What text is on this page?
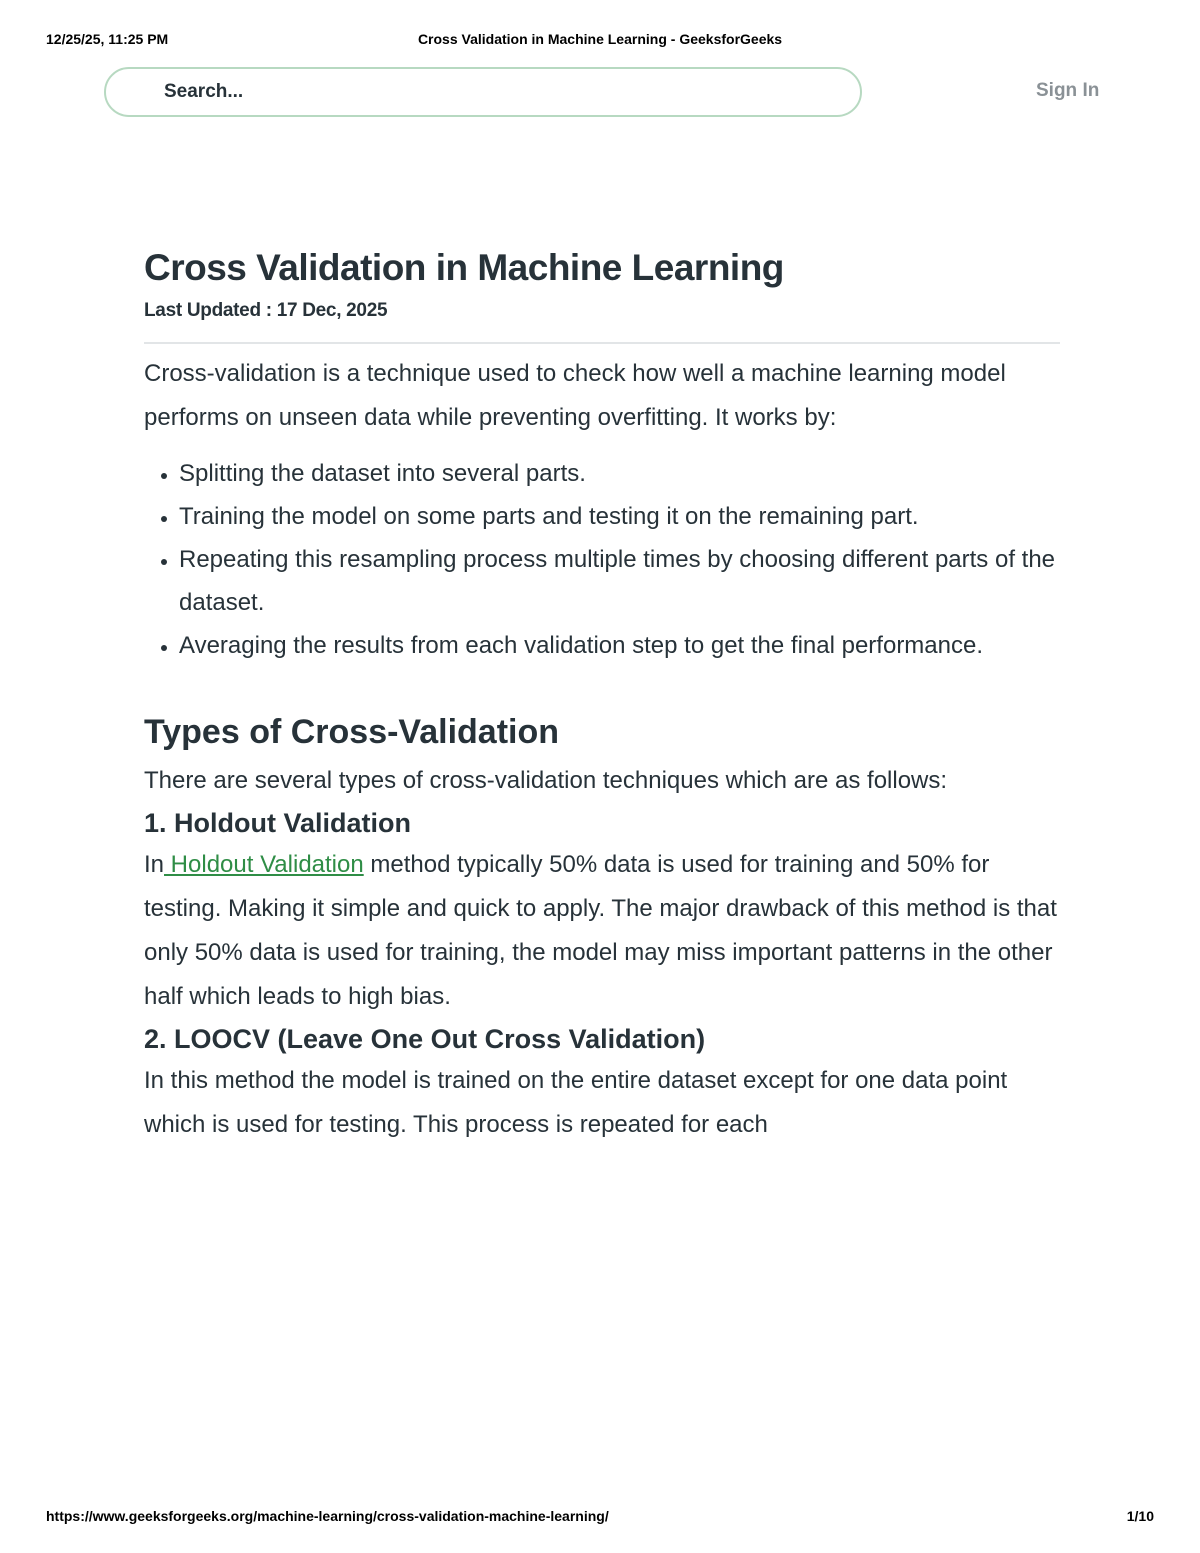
12/25/25, 11:25 PM	Cross Validation in Machine Learning - GeeksforGeeks
Search...
Sign In
Cross Validation in Machine Learning
Last Updated : 17 Dec, 2025

Cross-validation is a technique used to check how well a machine learning model performs on unseen data while preventing overfitting. It works by:

• Splitting the dataset into several parts.
• Training the model on some parts and testing it on the remaining part.
• Repeating this resampling process multiple times by choosing different parts of the dataset.
• Averaging the results from each validation step to get the final performance.
Types of Cross-Validation

There are several types of cross-validation techniques which are as follows:

1. Holdout Validation

In Holdout Validation method typically 50% data is used for training and 50% for testing. Making it simple and quick to apply. The major drawback of this method is that only 50% data is used for training, the model may miss important patterns in the other half which leads to high bias.

2. LOOCV (Leave One Out Cross Validation)

In this method the model is trained on the entire dataset except for one data point which is used for testing. This process is repeated for each

https://www.geeksforgeeks.org/machine-learning/cross-validation-machine-learning/	1/10
